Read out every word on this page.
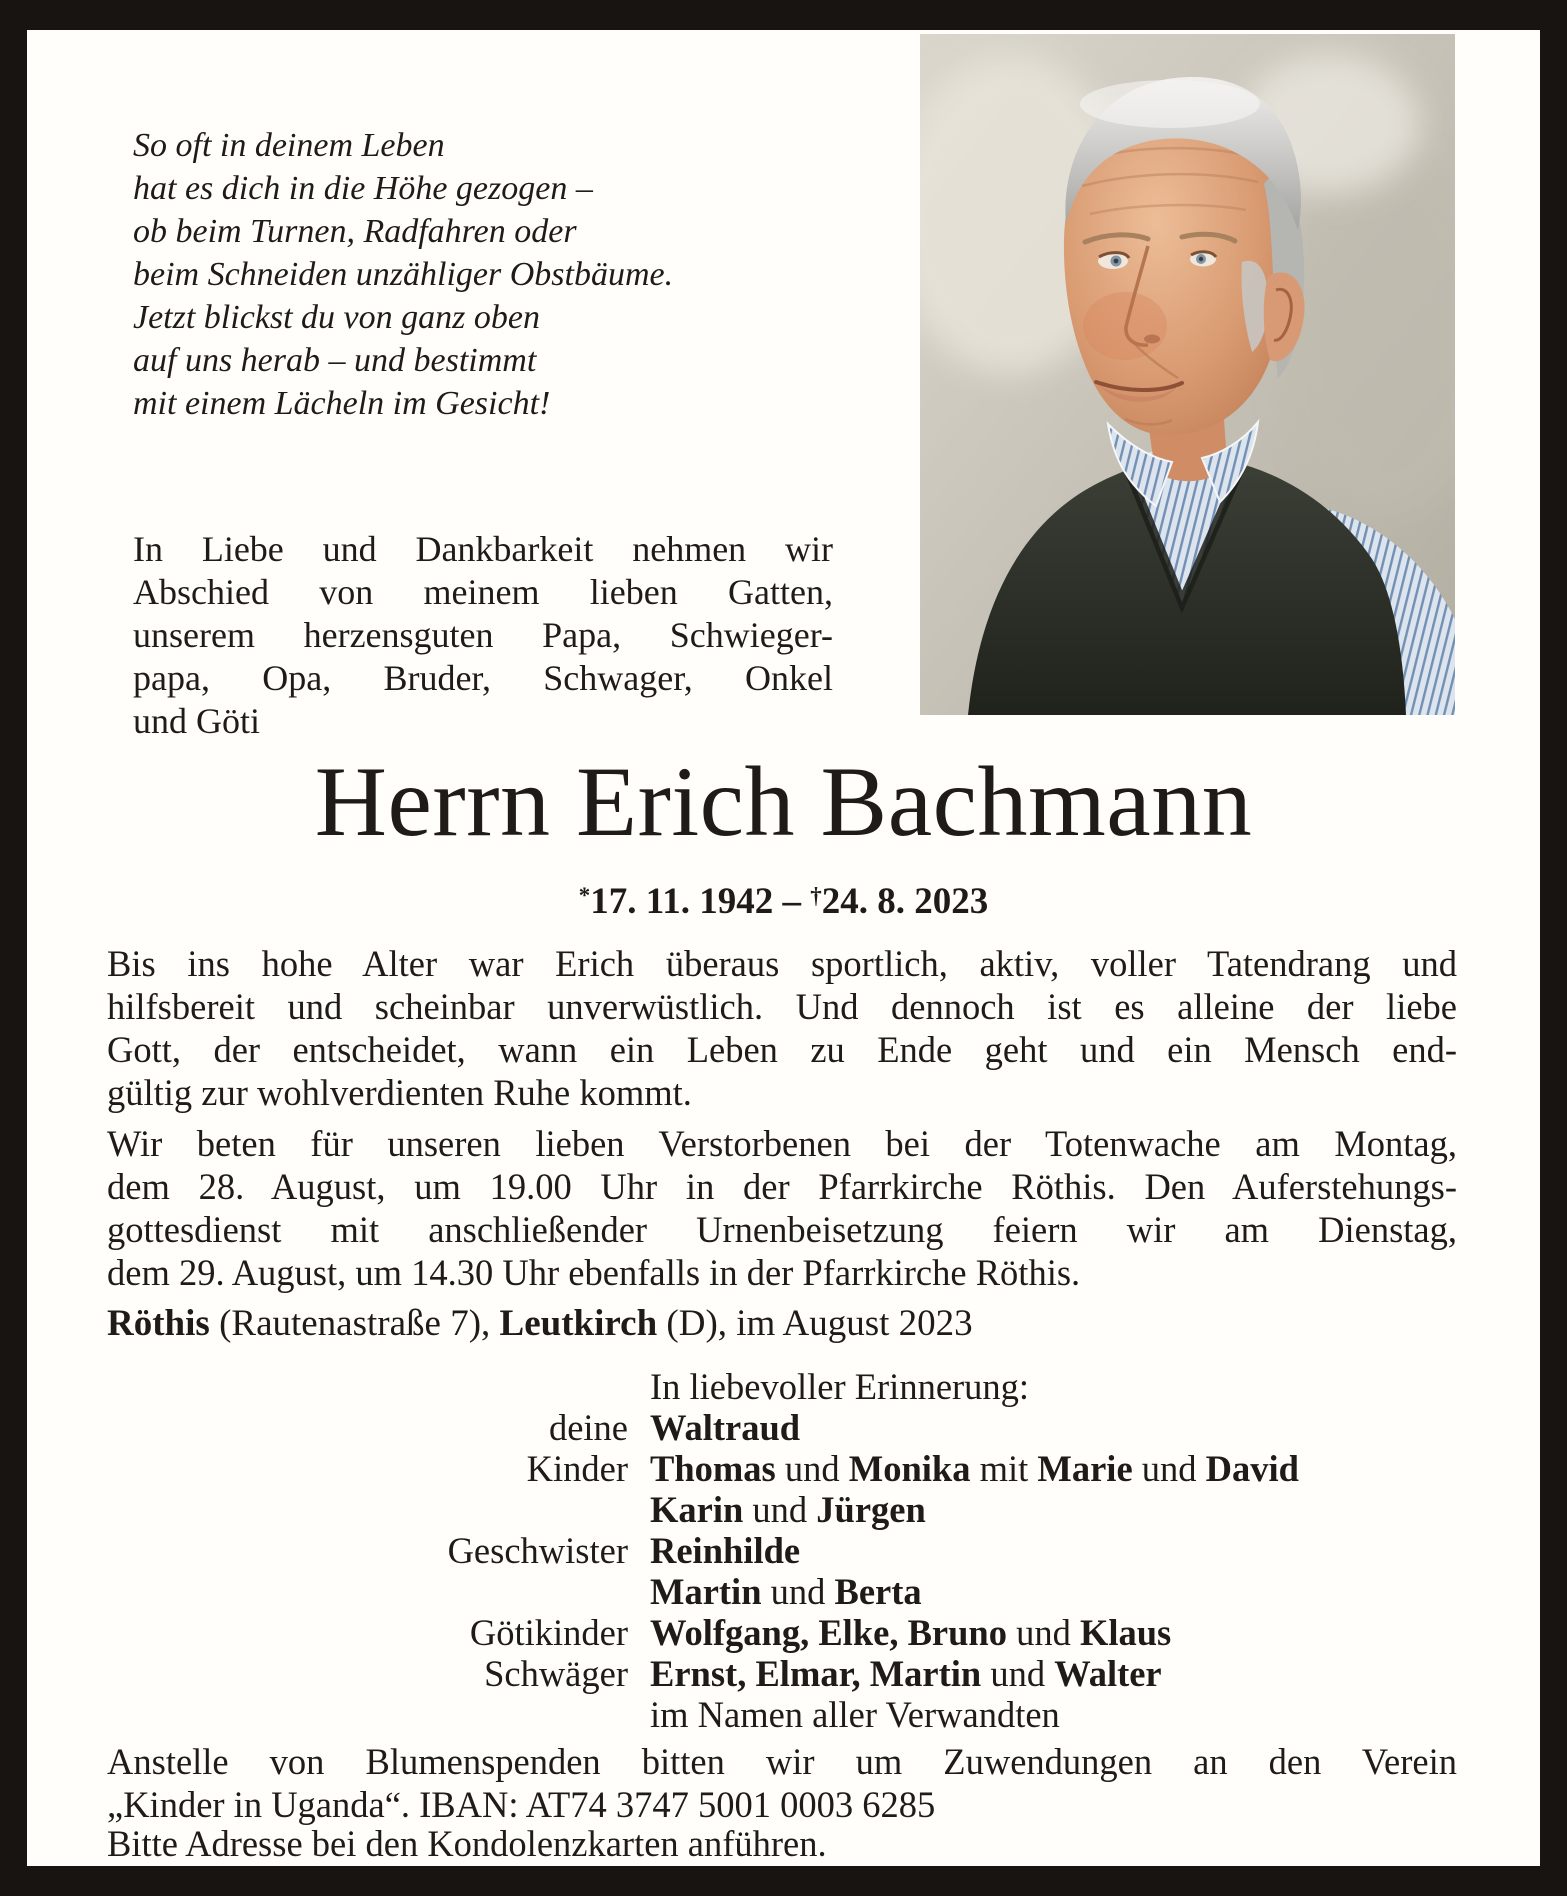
So oft in deinem Leben
hat es dich in die Höhe gezogen –
ob beim Turnen, Radfahren oder
beim Schneiden unzähliger Obstbäume.
Jetzt blickst du von ganz oben
auf uns herab – und bestimmt
mit einem Lächeln im Gesicht!
In Liebe und Dankbarkeit nehmen wir
Abschied von meinem lieben Gatten,
unserem herzensguten Papa, Schwieger-
papa, Opa, Bruder, Schwager, Onkel
und Göti
Herrn Erich Bachmann
*17. 11. 1942 – †24. 8. 2023
Bis ins hohe Alter war Erich überaus sportlich, aktiv, voller Tatendrang und
hilfsbereit und scheinbar unverwüstlich. Und dennoch ist es alleine der liebe
Gott, der entscheidet, wann ein Leben zu Ende geht und ein Mensch end-
gültig zur wohlverdienten Ruhe kommt.
Wir beten für unseren lieben Verstorbenen bei der Totenwache am Montag,
dem 28. August, um 19.00 Uhr in der Pfarrkirche Röthis. Den Auferstehungs-
gottesdienst mit anschließender Urnenbeisetzung feiern wir am Dienstag,
dem 29. August, um 14.30 Uhr ebenfalls in der Pfarrkirche Röthis.
Röthis (Rautenastraße 7), Leutkirch (D), im August 2023
In liebevoller Erinnerung:
deine Waltraud
Kinder Thomas und Monika mit Marie und David
Karin und Jürgen
Geschwister Reinhilde
Martin und Berta
Götikinder Wolfgang, Elke, Bruno und Klaus
Schwäger Ernst, Elmar, Martin und Walter
im Namen aller Verwandten
Anstelle von Blumenspenden bitten wir um Zuwendungen an den Verein
„Kinder in Uganda“. IBAN: AT74 3747 5001 0003 6285
Bitte Adresse bei den Kondolenzkarten anführen.
